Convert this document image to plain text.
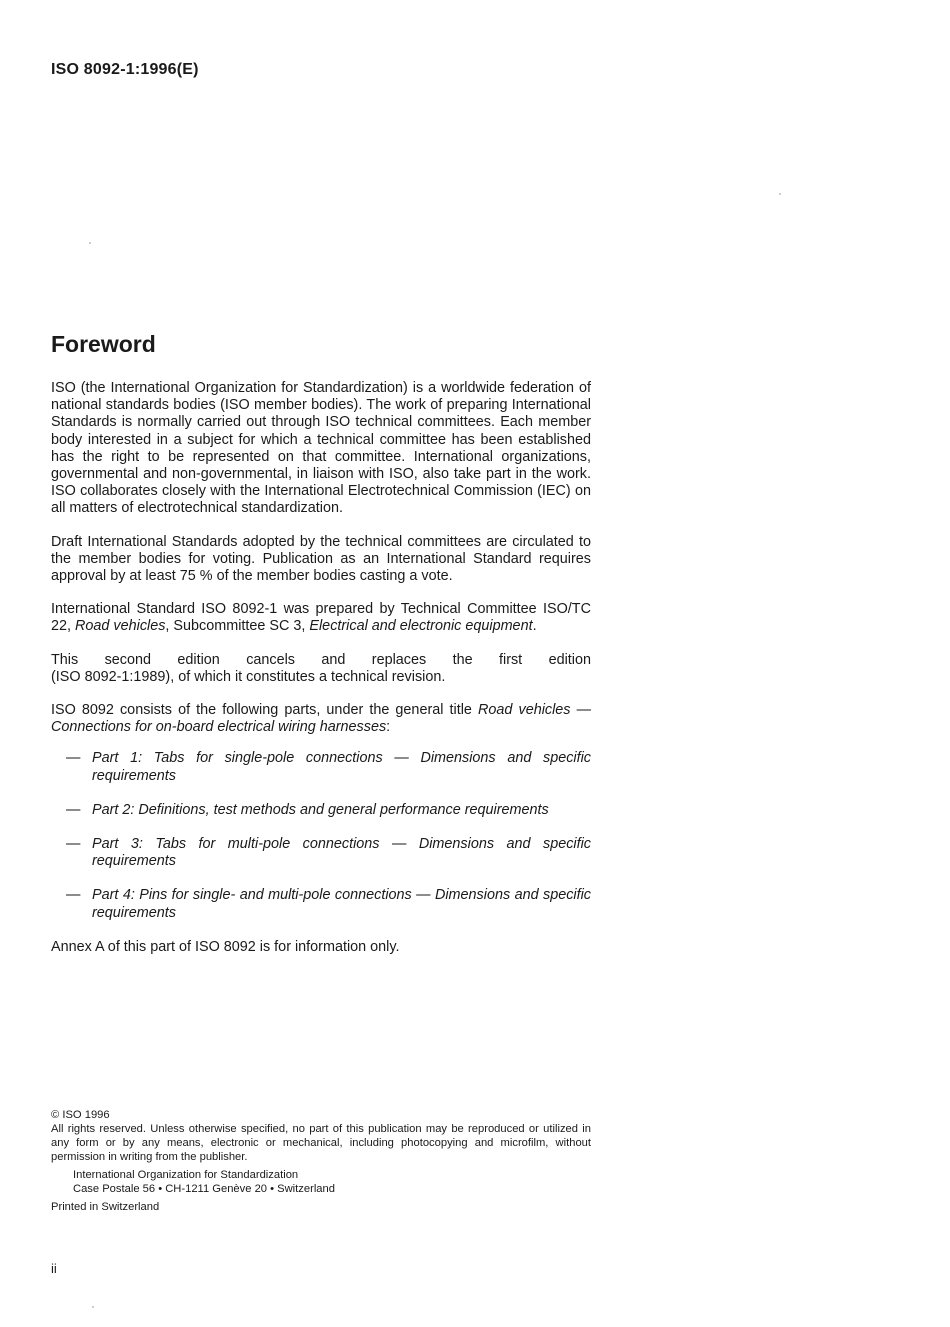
ISO 8092-1:1996(E)
Foreword

ISO (the International Organization for Standardization) is a worldwide federation of national standards bodies (ISO member bodies). The work of preparing International Standards is normally carried out through ISO technical committees. Each member body interested in a subject for which a technical committee has been established has the right to be represented on that committee. International organizations, governmental and non-governmental, in liaison with ISO, also take part in the work. ISO collaborates closely with the International Electrotechnical Commission (IEC) on all matters of electrotechnical standardization.

Draft International Standards adopted by the technical committees are circulated to the member bodies for voting. Publication as an International Standard requires approval by at least 75 % of the member bodies casting a vote.

International Standard ISO 8092-1 was prepared by Technical Committee ISO/TC 22, Road vehicles, Subcommittee SC 3, Electrical and electronic equipment.

This second edition cancels and replaces the first edition
(ISO 8092-1:1989), of which it constitutes a technical revision.

ISO 8092 consists of the following parts, under the general title Road vehicles — Connections for on-board electrical wiring harnesses:

— Part 1: Tabs for single-pole connections — Dimensions and specific requirements
— Part 2: Definitions, test methods and general performance requirements
— Part 3: Tabs for multi-pole connections — Dimensions and specific requirements
— Part 4: Pins for single- and multi-pole connections — Dimensions and specific requirements

Annex A of this part of ISO 8092 is for information only.

© ISO 1996
All rights reserved. Unless otherwise specified, no part of this publication may be reproduced or utilized in any form or by any means, electronic or mechanical, including photocopying and microfilm, without permission in writing from the publisher.
International Organization for Standardization
Case Postale 56 • CH-1211 Genève 20 • Switzerland
Printed in Switzerland
ii
